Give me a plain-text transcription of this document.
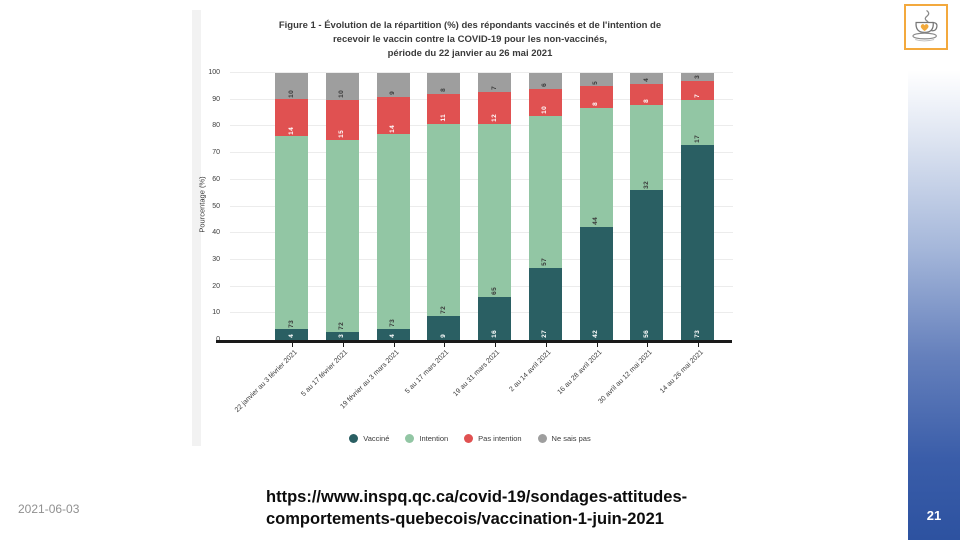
Figure 1 - Évolution de la répartition (%) des répondants vaccinés et de l'intention de
recevoir le vaccin contre la COVID-19 pour les non-vaccinés,
période du 22 janvier au 26 mai 2021
Pourcentage (%)
10
20
30
40
50
60
70
80
90
100
4
73
14
10
3
72
15
10
4
73
14
9
9
72
11
8
16
65
12
7
27
57
10
6
42
44
8
5
56
32
8
4
73
17
7
3
22 janvier au 3 février 2021 5 au 17 février 2021
19 février au 3 mars 2021 5 au 17 mars 2021 19 au 31 mars 2021 2 au 14 avril 2021 16 au 28 avril 2021
30 avril au 12 mai 2021 14 au 26 mai 2021
Vacciné	Intention	Pas intention	Ne sais pas
2021-06-03
https://www.inspq.qc.ca/covid-19/sondages-attitudes-
comportements-quebecois/vaccination-1-juin-2021	21
